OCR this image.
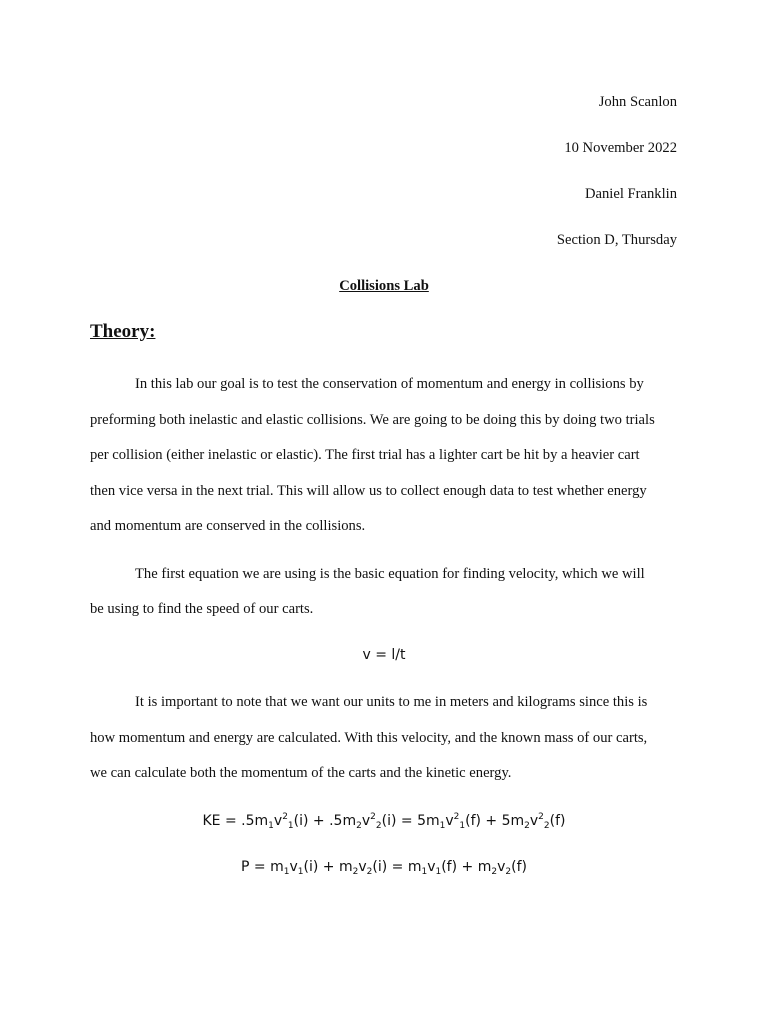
John Scanlon
10 November 2022
Daniel Franklin
Section D, Thursday
Collisions Lab
Theory:
In this lab our goal is to test the conservation of momentum and energy in collisions by
preforming both inelastic and elastic collisions. We are going to be doing this by doing two trials
per collision (either inelastic or elastic). The first trial has a lighter cart be hit by a heavier cart
then vice versa in the next trial. This will allow us to collect enough data to test whether energy
and momentum are conserved in the collisions.
The first equation we are using is the basic equation for finding velocity, which we will
be using to find the speed of our carts.
v = l/t
It is important to note that we want our units to me in meters and kilograms since this is
how momentum and energy are calculated. With this velocity, and the known mass of our carts,
we can calculate both the momentum of the carts and the kinetic energy.
KE = $.5m_1v^2_1(i) + .5m_2v^2_2(i) = 5m_1v^2_1(f) + 5m_2v^2_2(f)$
$P = m_1v_1(i) + m_2v_2(i) = m_1v_1(f) + m_2v_2(f)$
